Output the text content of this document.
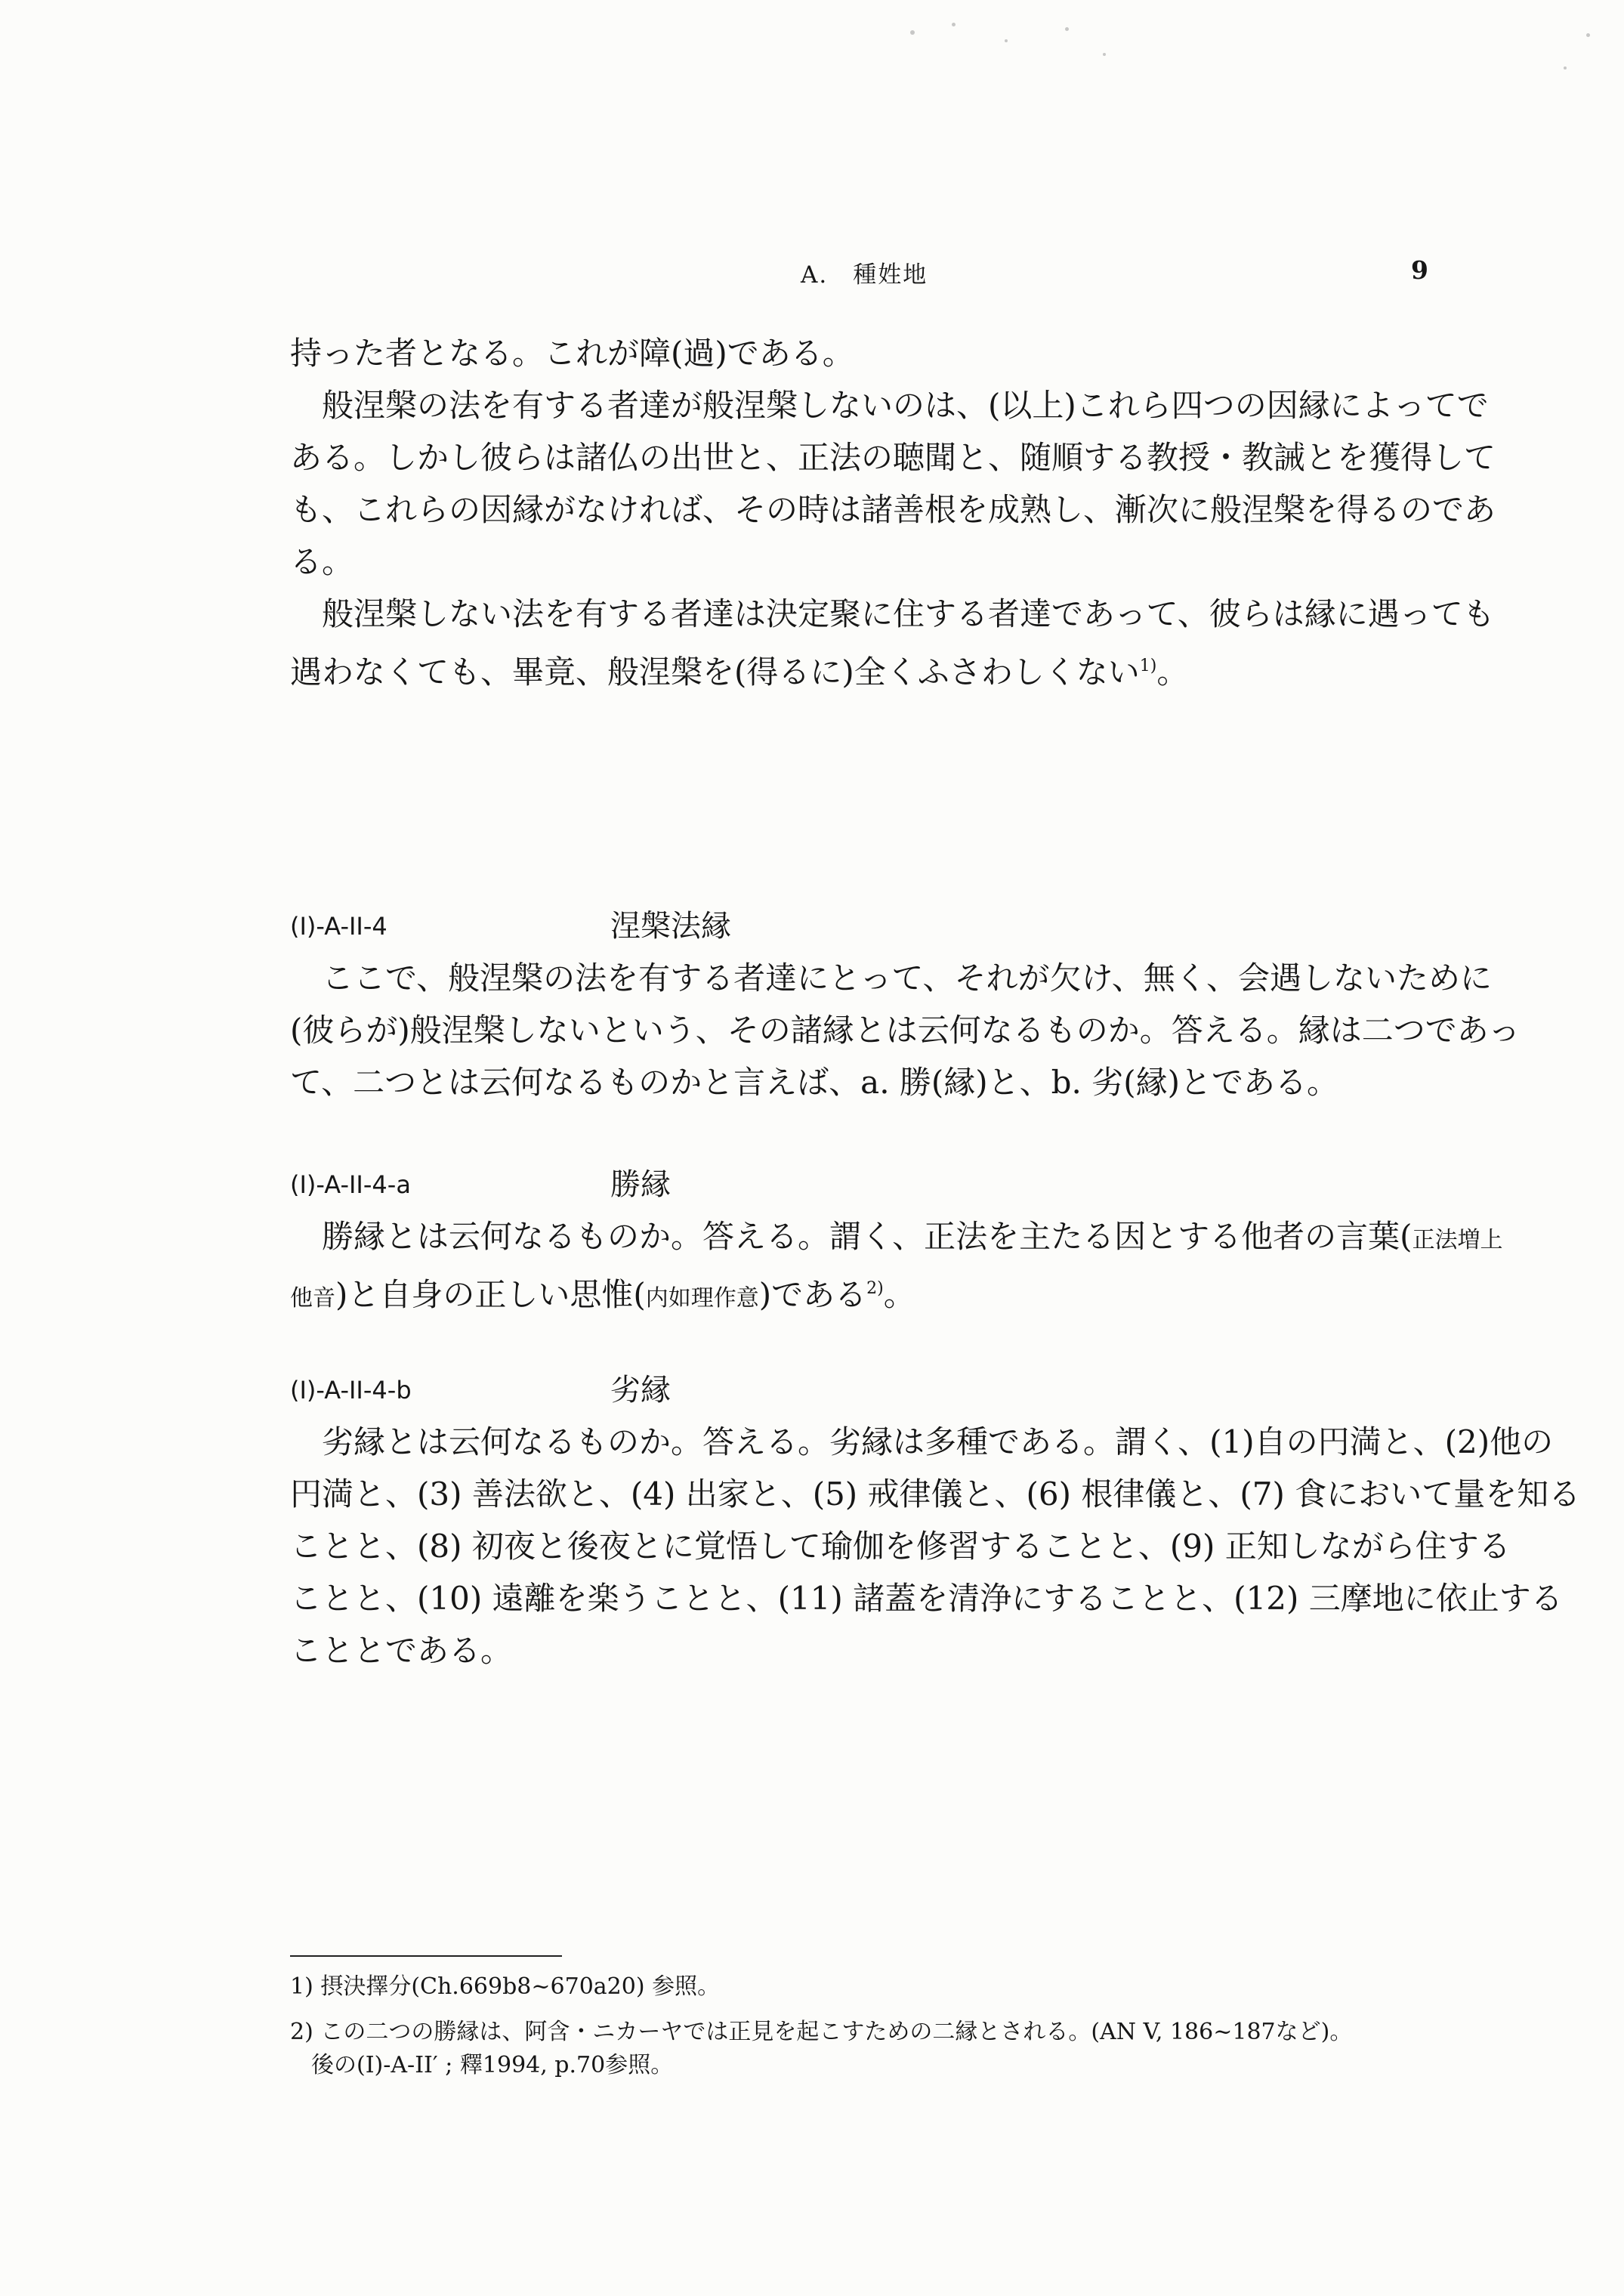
A.　種姓地	9
持った者となる。これが障(過)である。
般涅槃の法を有する者達が般涅槃しないのは、(以上)これら四つの因縁によってで
ある。しかし彼らは諸仏の出世と、正法の聴聞と、随順する教授・教誡とを獲得して
も、これらの因縁がなければ、その時は諸善根を成熟し、漸次に般涅槃を得るのであ
る。
般涅槃しない法を有する者達は決定聚に住する者達であって、彼らは縁に遇っても
遇わなくても、畢竟、般涅槃を(得るに)全くふさわしくない$^{1)}$。
(I)-A-II-4	涅槃法縁
ここで、般涅槃の法を有する者達にとって、それが欠け、無く、会遇しないために
(彼らが)般涅槃しないという、その諸縁とは云何なるものか。答える。縁は二つであっ
て、二つとは云何なるものかと言えば、a. 勝(縁)と、b. 劣(縁)とである。
(I)-A-II-4-a	勝縁
勝縁とは云何なるものか。答える。謂く、正法を主たる因とする他者の言葉(正法増上
他音)と自身の正しい思惟(内如理作意)である$^{2)}$。
(I)-A-II-4-b	劣縁
劣縁とは云何なるものか。答える。劣縁は多種である。謂く、(1)自の円満と、(2)他の
円満と、(3) 善法欲と、(4) 出家と、(5) 戒律儀と、(6) 根律儀と、(7) 食において量を知る
ことと、(8) 初夜と後夜とに覚悟して瑜伽を修習することと、(9) 正知しながら住する
ことと、(10) 遠離を楽うことと、(11) 諸蓋を清浄にすることと、(12) 三摩地に依止する
こととである。
1) 摂決擇分(Ch.669b8~670a20) 参照。
2) この二つの勝縁は、阿含・ニカーヤでは正見を起こすための二縁とされる。(AN V, 186~187など)。
後の(I)-A-II′ ; 釋1994, p.70参照。
